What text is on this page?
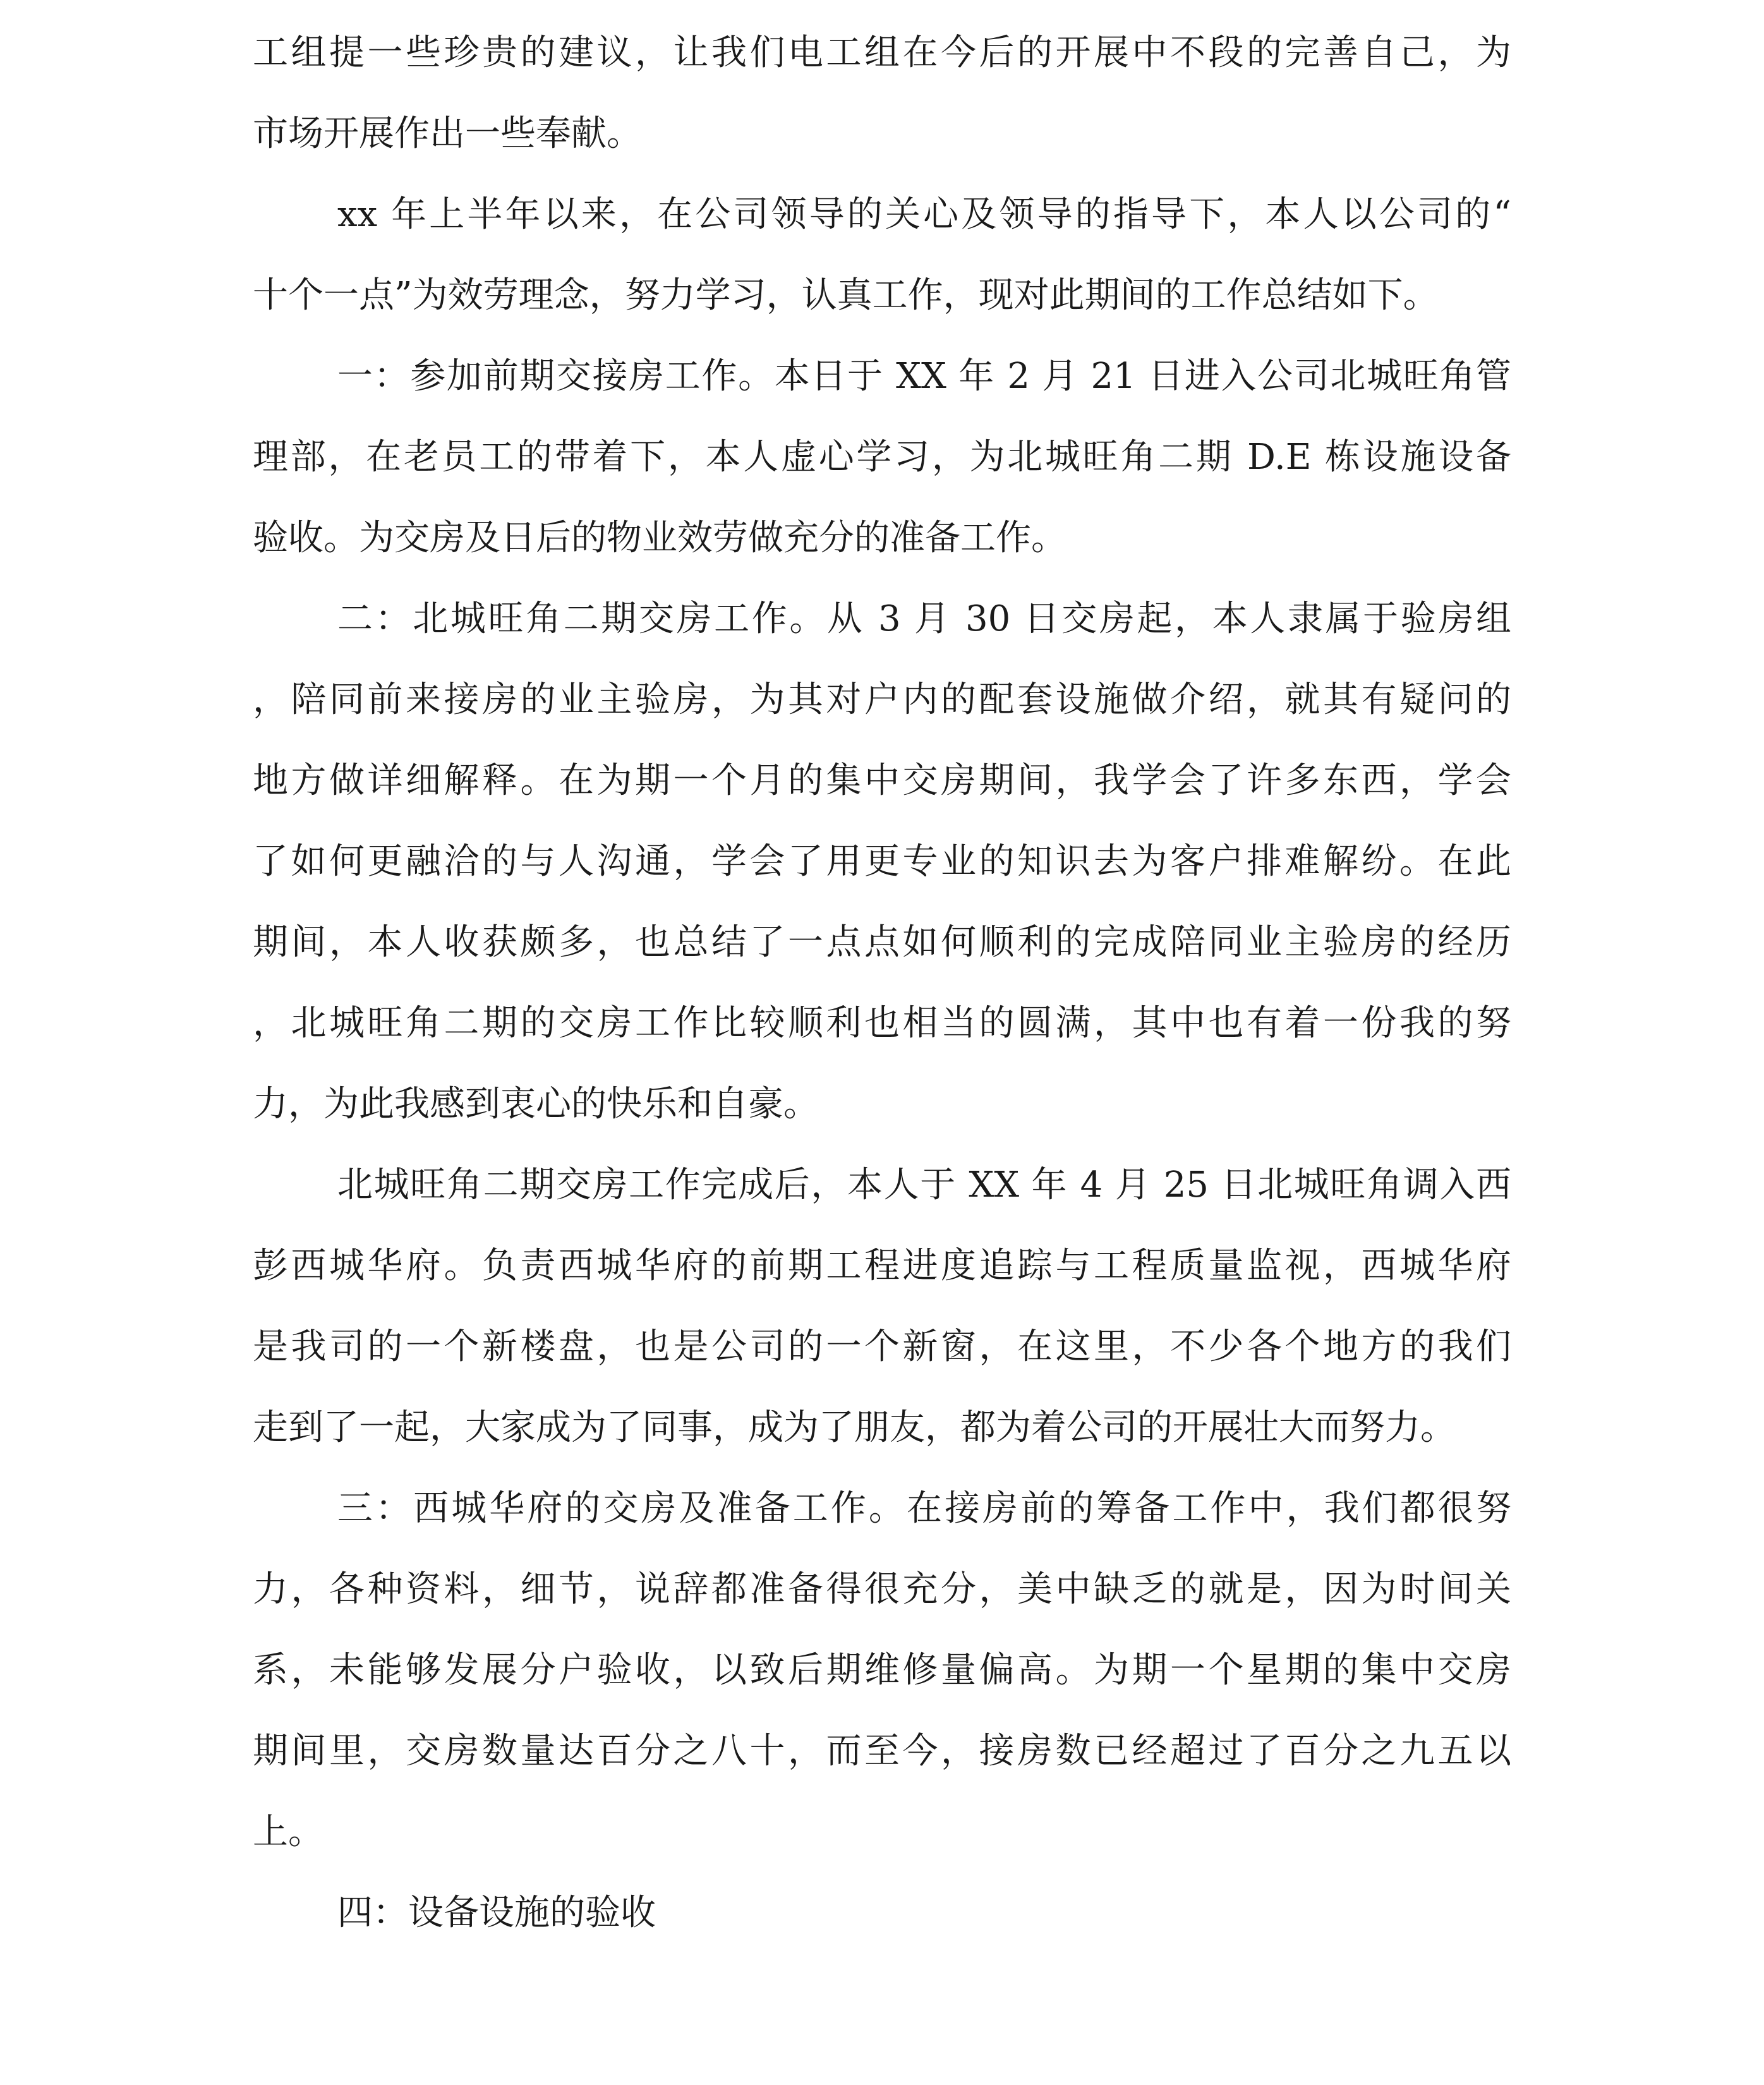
工组提一些珍贵的建议，让我们电工组在今后的开展中不段的完善自己，为
市场开展作出一些奉献。
xx 年上半年以来，在公司领导的关心及领导的指导下，本人以公司的“
十个一点”为效劳理念，努力学习，认真工作，现对此期间的工作总结如下。
一：参加前期交接房工作。本日于 XX 年 2 月 21 日进入公司北城旺角管
理部，在老员工的带着下，本人虚心学习，为北城旺角二期 D.E 栋设施设备
验收。为交房及日后的物业效劳做充分的准备工作。
二：北城旺角二期交房工作。从 3 月 30 日交房起，本人隶属于验房组
，陪同前来接房的业主验房，为其对户内的配套设施做介绍，就其有疑问的
地方做详细解释。在为期一个月的集中交房期间，我学会了许多东西，学会
了如何更融洽的与人沟通，学会了用更专业的知识去为客户排难解纷。在此
期间，本人收获颇多，也总结了一点点如何顺利的完成陪同业主验房的经历
，北城旺角二期的交房工作比较顺利也相当的圆满，其中也有着一份我的努
力，为此我感到衷心的快乐和自豪。
北城旺角二期交房工作完成后，本人于 XX 年 4 月 25 日北城旺角调入西
彭西城华府。负责西城华府的前期工程进度追踪与工程质量监视，西城华府
是我司的一个新楼盘，也是公司的一个新窗，在这里，不少各个地方的我们
走到了一起，大家成为了同事，成为了朋友，都为着公司的开展壮大而努力。
三：西城华府的交房及准备工作。在接房前的筹备工作中，我们都很努
力，各种资料，细节，说辞都准备得很充分，美中缺乏的就是，因为时间关
系，未能够发展分户验收，以致后期维修量偏高。为期一个星期的集中交房
期间里，交房数量达百分之八十，而至今，接房数已经超过了百分之九五以
上。
四：设备设施的验收
